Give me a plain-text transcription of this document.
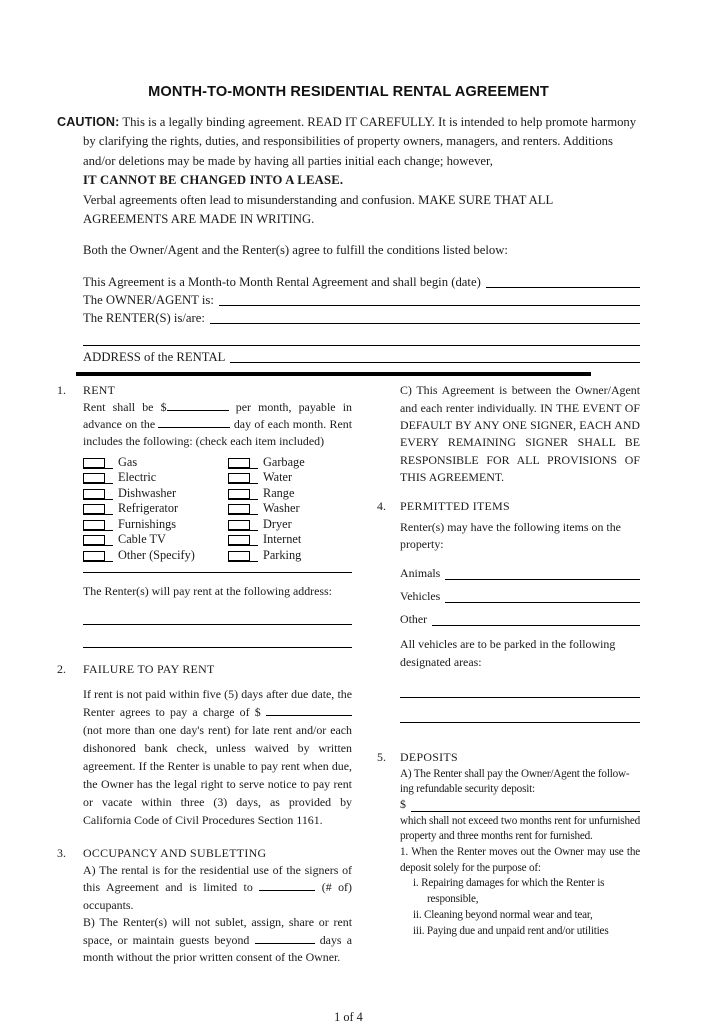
MONTH-TO-MONTH RESIDENTIAL RENTAL AGREEMENT

CAUTION: This is a legally binding agreement. READ IT CAREFULLY. It is intended to help promote harmony by clarifying the rights, duties, and responsibilities of property owners, managers, and renters. Additions and/or deletions may be made by having all parties initial each change; however,

IT CANNOT BE CHANGED INTO A LEASE.

Verbal agreements often lead to misunderstanding and confusion. MAKE SURE THAT ALL AGREEMENTS ARE MADE IN WRITING.

Both the Owner/Agent and the Renter(s) agree to fulfill the conditions listed below:

This Agreement is a Month-to Month Rental Agreement and shall begin (date)
The OWNER/AGENT is:
The RENTER(S) is/are:
ADDRESS of the RENTAL
1. RENT

Rent shall be $	per month, payable in advance on the	day of each month. Rent includes the following: (check each item included)

Gas	Garbage
Electric	Water
Dishwasher	Range
Refrigerator	Washer
Furnishings	Dryer
Cable TV	Internet
Other (Specify)	Parking

The Renter(s) will pay rent at the following address:

2. FAILURE TO PAY RENT

If rent is not paid within five (5) days after due date, the Renter agrees to pay a charge of $  (not more than one day's rent) for late rent and/or each dishonored bank check, unless waived by written agreement. If the Renter is unable to pay rent when due, the Owner has the legal right to serve notice to pay rent or vacate within three (3) days, as provided by California Code of Civil Procedures Section 1161.

3. OCCUPANCY AND SUBLETTING

A) The rental is for the residential use of the signers of this Agreement and is limited to	(# of) occupants.

B) The Renter(s) will not sublet, assign, share or rent space, or maintain guests beyond	days a month without the prior written consent of the Owner.

C) This Agreement is between the Owner/Agent and each renter individually. IN THE EVENT OF DEFAULT BY ANY ONE SIGNER, EACH AND EVERY REMAINING SIGNER SHALL BE RESPONSIBLE FOR ALL PROVISIONS OF THIS AGREEMENT.

4. PERMITTED ITEMS

Renter(s) may have the following items on the property:

Animals
Vehicles
Other

All vehicles are to be parked in the following designated areas:

5. DEPOSITS

A) The Renter shall pay the Owner/Agent the follow-

ing refundable security deposit:

$

which shall not exceed two months rent for unfurnished property and three months rent for furnished.

1. When the Renter moves out the Owner may use the deposit solely for the purpose of:

i. Repairing damages for which the Renter is responsible,

ii. Cleaning beyond normal wear and tear,

iii. Paying due and unpaid rent and/or utilities

1 of 4
